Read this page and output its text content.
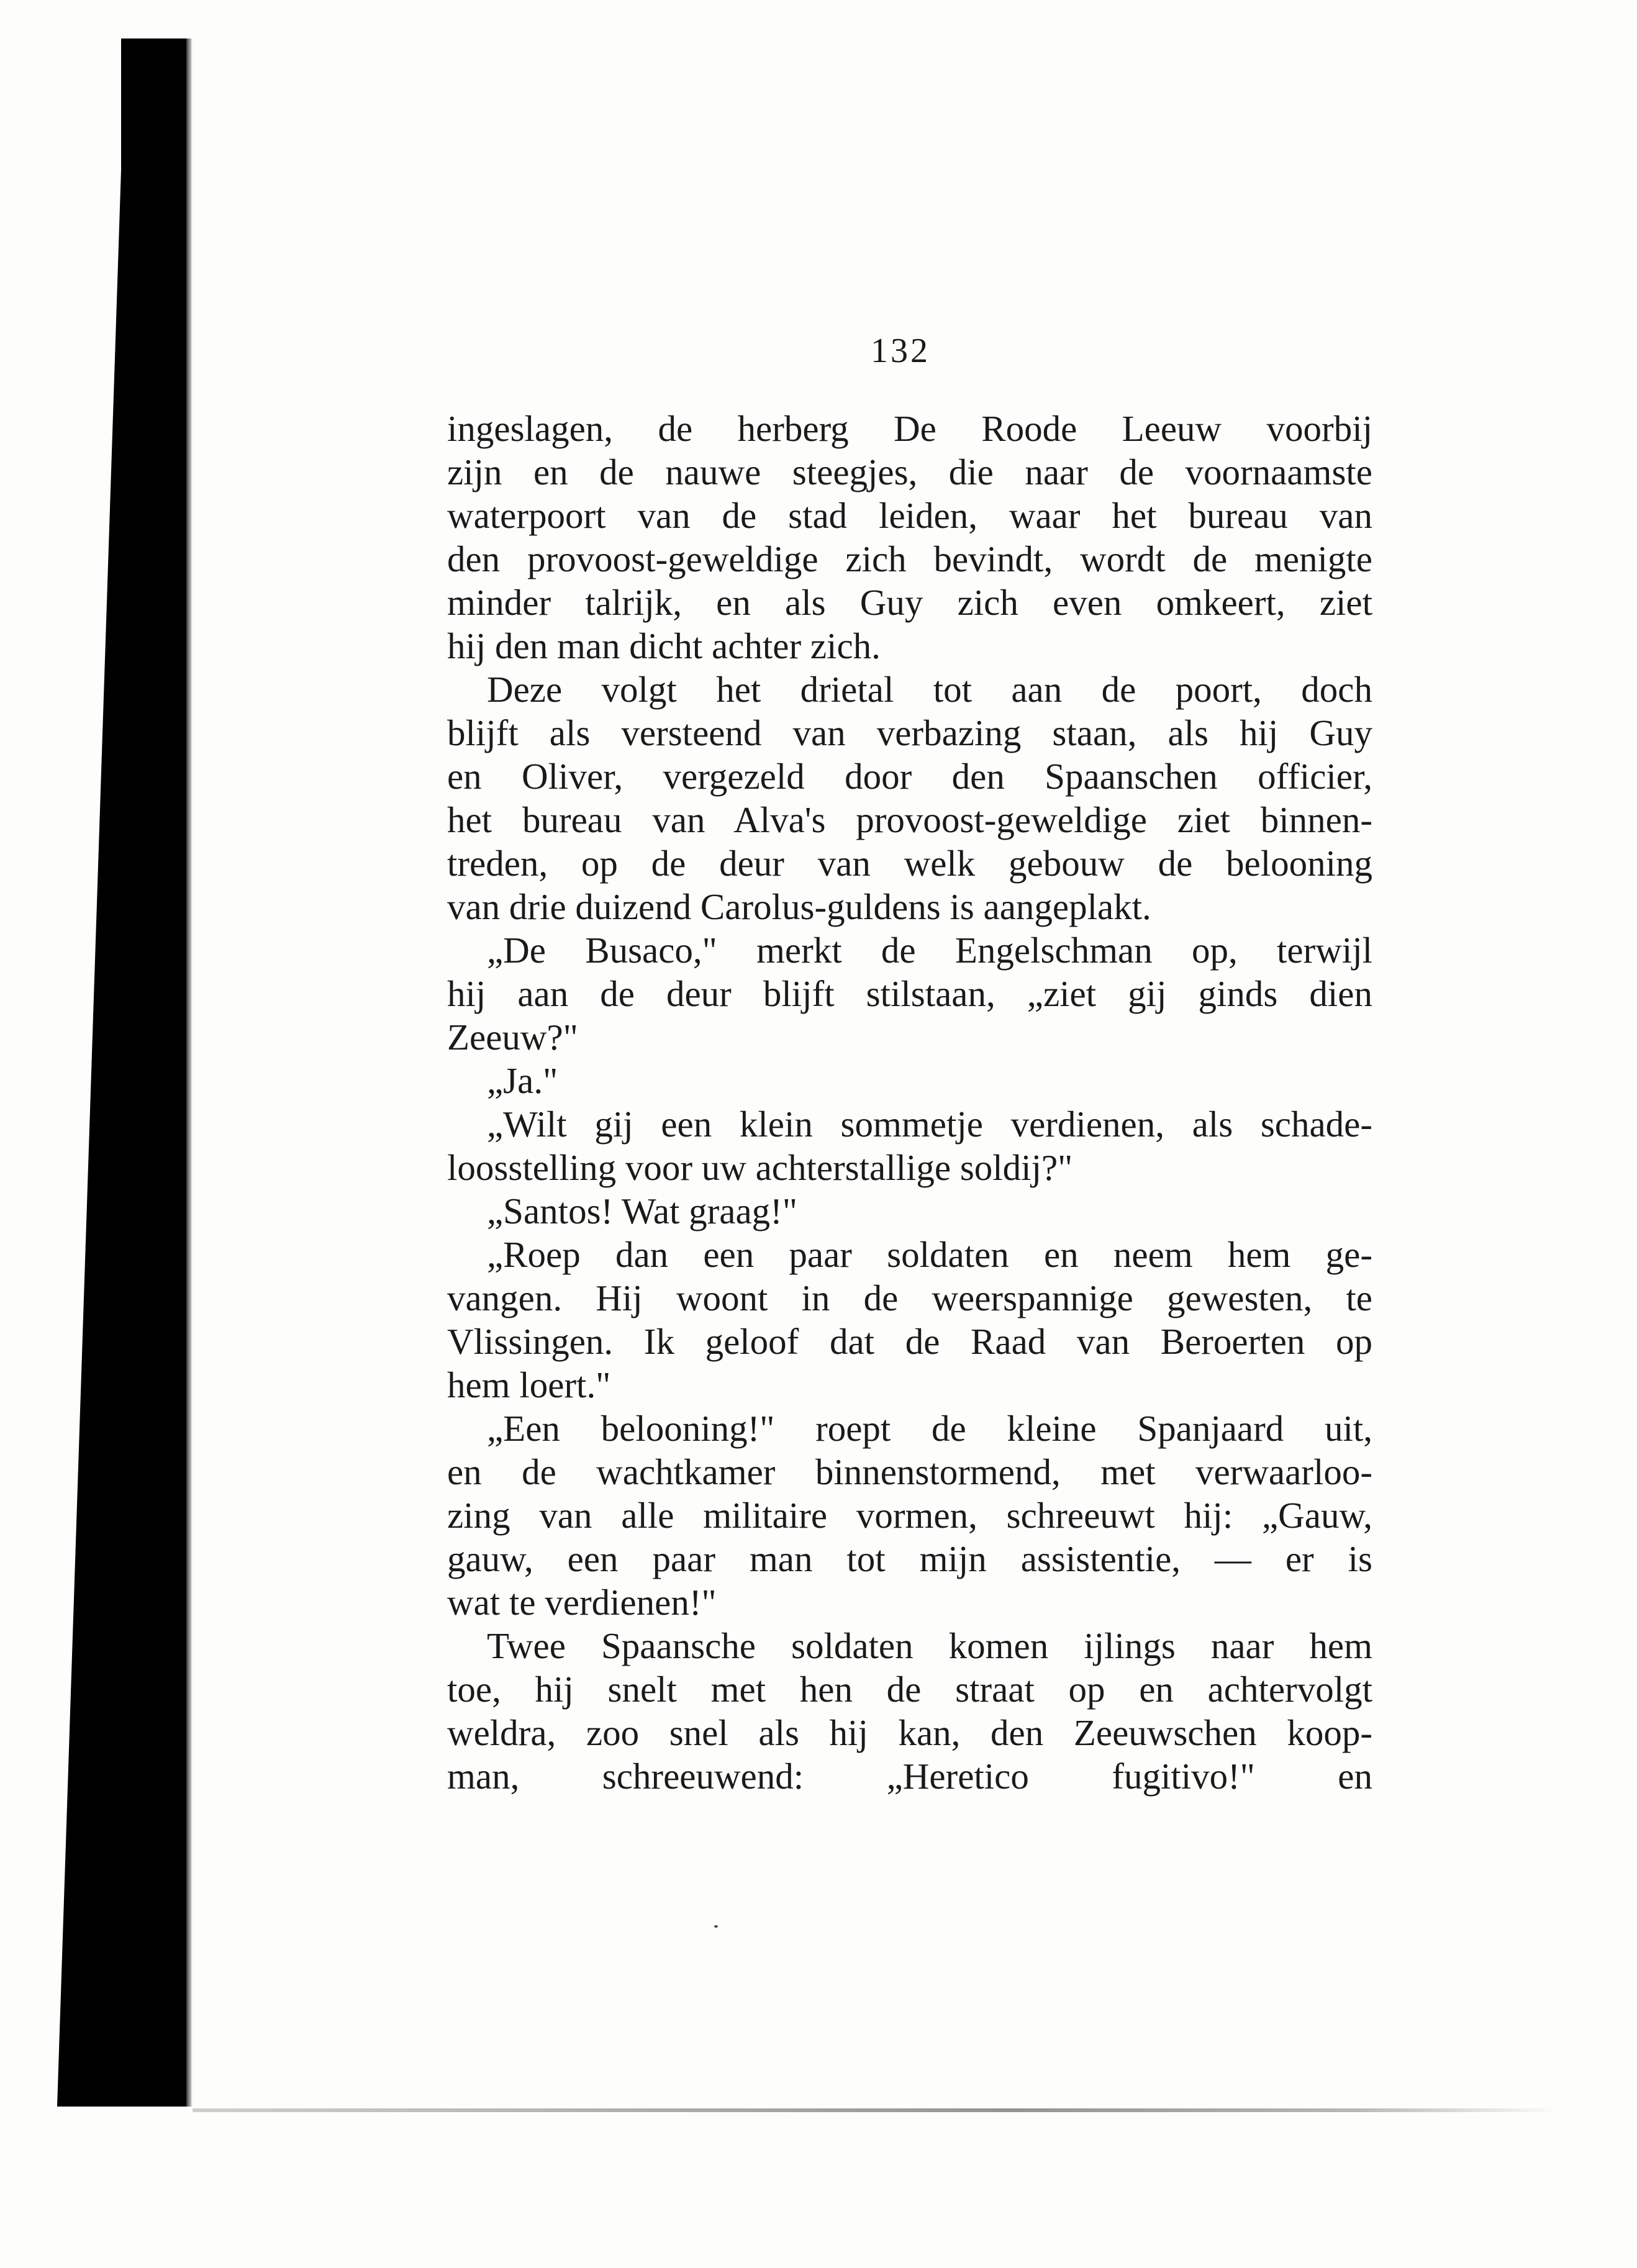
132
ingeslagen, de herberg De Roode Leeuw voorbij
zijn en de nauwe steegjes, die naar de voornaamste
waterpoort van de stad leiden, waar het bureau van
den provoost-geweldige zich bevindt, wordt de menigte
minder talrijk, en als Guy zich even omkeert, ziet
hij den man dicht achter zich.
Deze volgt het drietal tot aan de poort, doch
blijft als versteend van verbazing staan, als hij Guy
en Oliver, vergezeld door den Spaanschen officier,
het bureau van Alva's provoost-geweldige ziet binnen-
treden, op de deur van welk gebouw de belooning
van drie duizend Carolus-guldens is aangeplakt.
„De Busaco," merkt de Engelschman op, terwijl
hij aan de deur blijft stilstaan, „ziet gij ginds dien
Zeeuw?"
„Ja."
„Wilt gij een klein sommetje verdienen, als schade-
loosstelling voor uw achterstallige soldij?"
„Santos! Wat graag!"
„Roep dan een paar soldaten en neem hem ge-
vangen. Hij woont in de weerspannige gewesten, te
Vlissingen. Ik geloof dat de Raad van Beroerten op
hem loert."
„Een belooning!" roept de kleine Spanjaard uit,
en de wachtkamer binnenstormend, met verwaarloo-
zing van alle militaire vormen, schreeuwt hij: „Gauw,
gauw, een paar man tot mijn assistentie, — er is
wat te verdienen!"
Twee Spaansche soldaten komen ijlings naar hem
toe, hij snelt met hen de straat op en achtervolgt
weldra, zoo snel als hij kan, den Zeeuwschen koop-
man, schreeuwend: „Heretico fugitivo!" en
